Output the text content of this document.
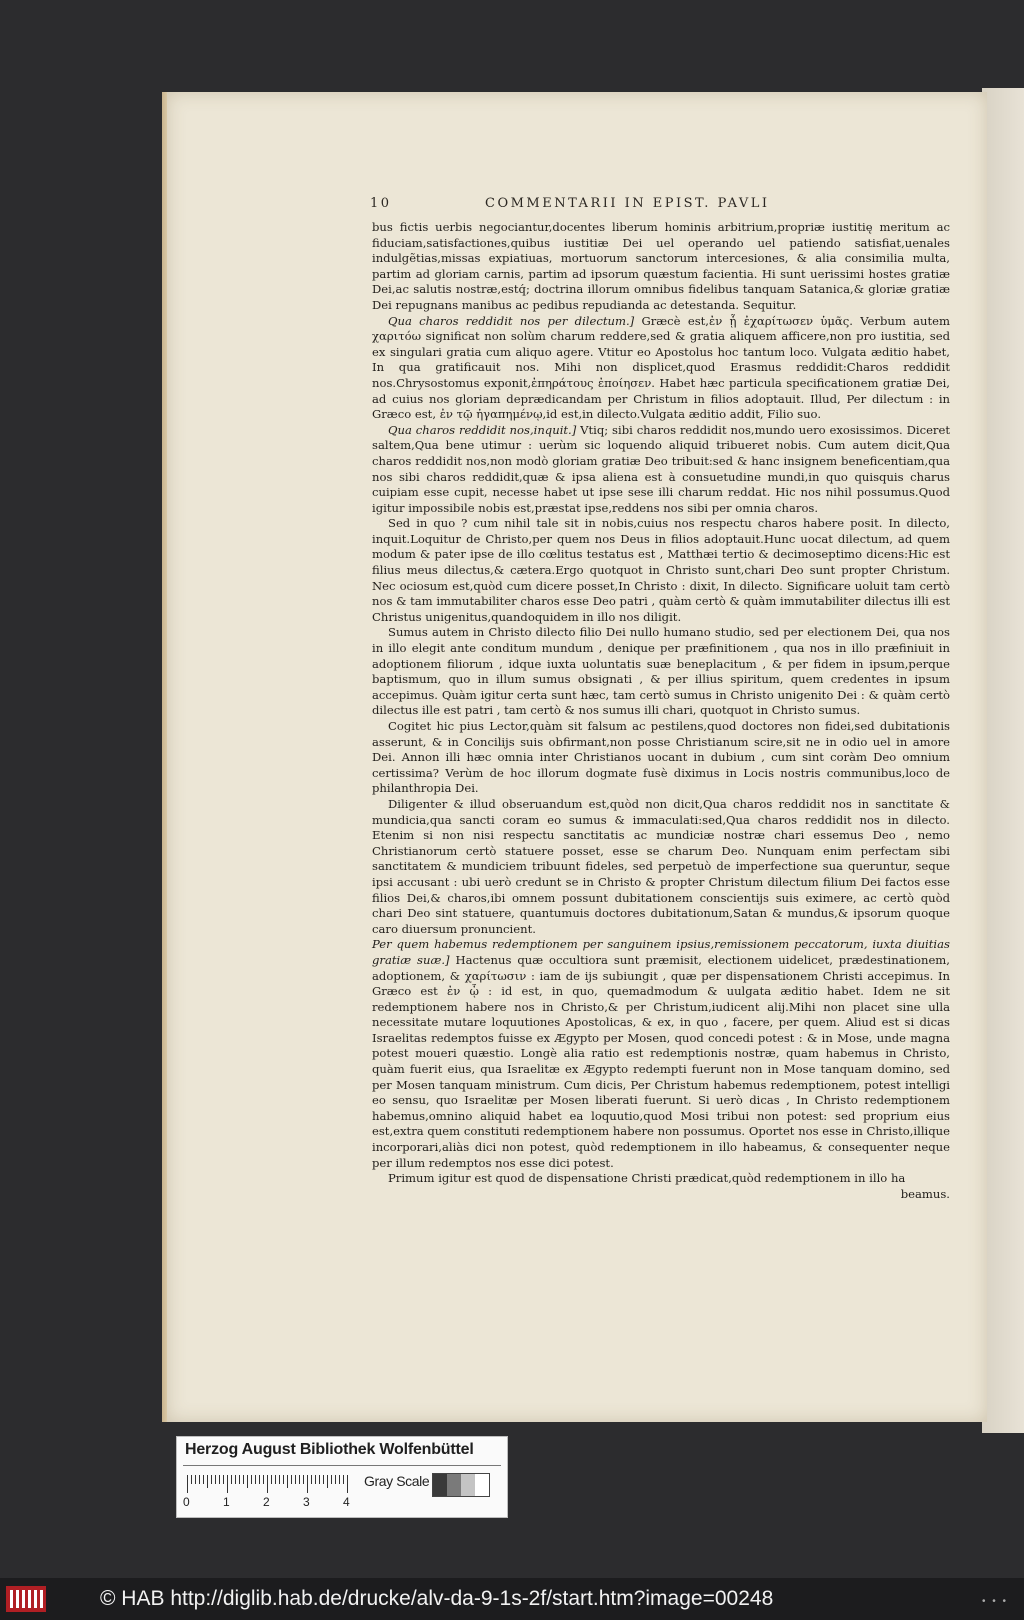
10	COMMENTARII IN EPIST. PAVLI

bus fictis uerbis negociantur,docentes liberum hominis arbitrium,propriæ iustitię meritum ac fiduciam,satisfactiones,quibus iustitiæ Dei uel operando uel patiendo satisfiat,uenales indulgẽtias,missas expiatiuas, mortuorum sanctorum intercesiones, & alia consimilia multa, partim ad gloriam carnis, partim ad ipsorum quæstum facientia. Hi sunt uerissimi hostes gratiæ Dei,ac salutis nostræ,estq́; doctrina illorum omnibus fidelibus tanquam Satanica,& gloriæ gratiæ Dei repugnans manibus ac pedibus repudianda ac detestanda. Sequitur.

Qua charos reddidit nos per dilectum.] Græcè est,ἐν ᾗ ἐχαρίτωσεν ὑμᾶς. Verbum autem χαριτόω significat non solùm charum reddere,sed & gratia aliquem afficere,non pro iustitia, sed ex singulari gratia cum aliquo agere. Vtitur eo Apostolus hoc tantum loco. Vulgata æditio habet, In qua gratificauit nos. Mihi non displicet,quod Erasmus reddidit:Charos reddidit nos.Chrysostomus exponit,ἐπηράτους ἐποίησεν. Habet hæc particula specificationem gratiæ Dei, ad cuius nos gloriam deprædicandam per Christum in filios adoptauit. Illud, Per dilectum : in Græco est, ἐν τῷ ἠγαπημένῳ,id est,in dilecto.Vulgata æditio addit, Filio suo.

Qua charos reddidit nos,inquit.] Vtiq; sibi charos reddidit nos,mundo uero exosissimos. Diceret saltem,Qua bene utimur : uerùm sic loquendo aliquid tribueret nobis. Cum autem dicit,Qua charos reddidit nos,non modò gloriam gratiæ Deo tribuit:sed & hanc insignem beneficentiam,qua nos sibi charos reddidit,quæ & ipsa aliena est à consuetudine mundi,in quo quisquis charus cuipiam esse cupit, necesse habet ut ipse sese illi charum reddat. Hic nos nihil possumus.Quod igitur impossibile nobis est,præstat ipse,reddens nos sibi per omnia charos.

Sed in quo ? cum nihil tale sit in nobis,cuius nos respectu charos habere posit. In dilecto, inquit.Loquitur de Christo,per quem nos Deus in filios adoptauit.Hunc uocat dilectum, ad quem modum & pater ipse de illo cœlitus testatus est , Matthæi tertio & decimoseptimo dicens:Hic est filius meus dilectus,& cætera.Ergo quotquot in Christo sunt,chari Deo sunt propter Christum. Nec ociosum est,quòd cum dicere posset,In Christo : dixit, In dilecto. Significare uoluit tam certò nos & tam immutabiliter charos esse Deo patri , quàm certò & quàm immutabiliter dilectus illi est Christus unigenitus,quandoquidem in illo nos diligit.

Sumus autem in Christo dilecto filio Dei nullo humano studio, sed per electionem Dei, qua nos in illo elegit ante conditum mundum , denique per præfinitionem , qua nos in illo præfiniuit in adoptionem filiorum , idque iuxta uoluntatis suæ beneplacitum , & per fidem in ipsum,perque baptismum, quo in illum sumus obsignati , & per illius spiritum, quem credentes in ipsum accepimus. Quàm igitur certa sunt hæc, tam certò sumus in Christo unigenito Dei : & quàm certò dilectus ille est patri , tam certò & nos sumus illi chari, quotquot in Christo sumus.

Cogitet hic pius Lector,quàm sit falsum ac pestilens,quod doctores non fidei,sed dubitationis asserunt, & in Concilijs suis obfirmant,non posse Christianum scire,sit ne in odio uel in amore Dei. Annon illi hæc omnia inter Christianos uocant in dubium , cum sint coràm Deo omnium certissima? Verùm de hoc illorum dogmate fusè diximus in Locis nostris communibus,loco de philanthropia Dei.

Diligenter & illud obseruandum est,quòd non dicit,Qua charos reddidit nos in sanctitate & mundicia,qua sancti coram eo sumus & immaculati:sed,Qua charos reddidit nos in dilecto. Etenim si non nisi respectu sanctitatis ac mundiciæ nostræ chari essemus Deo , nemo Christianorum certò statuere posset, esse se charum Deo. Nunquam enim perfectam sibi sanctitatem & mundiciem tribuunt fideles, sed perpetuò de imperfectione sua queruntur, seque ipsi accusant : ubi uerò credunt se in Christo & propter Christum dilectum filium Dei factos esse filios Dei,& charos,ibi omnem possunt dubitationem conscientijs suis eximere, ac certò quòd chari Deo sint statuere, quantumuis doctores dubitationum,Satan & mundus,& ipsorum quoque caro diuersum pronuncient.

Per quem habemus redemptionem per sanguinem ipsius,remissionem peccatorum, iuxta diuitias gratiæ suæ.] Hactenus quæ occultiora sunt præmisit, electionem uidelicet, prædestinationem, adoptionem, & χαρίτωσιν : iam de ijs subiungit , quæ per dispensationem Christi accepimus. In Græco est ἐν ᾧ : id est, in quo, quemadmodum & uulgata æditio habet. Idem ne sit redemptionem habere nos in Christo,& per Christum,iudicent alij.Mihi non placet sine ulla necessitate mutare loquutiones Apostolicas, & ex, in quo , facere, per quem. Aliud est si dicas Israelitas redemptos fuisse ex Ægypto per Mosen, quod concedi potest : & in Mose, unde magna potest moueri quæstio. Longè alia ratio est redemptionis nostræ, quam habemus in Christo, quàm fuerit eius, qua Israelitæ ex Ægypto redempti fuerunt non in Mose tanquam domino, sed per Mosen tanquam ministrum. Cum dicis, Per Christum habemus redemptionem, potest intelligi eo sensu, quo Israelitæ per Mosen liberati fuerunt. Si uerò dicas , In Christo redemptionem habemus,omnino aliquid habet ea loquutio,quod Mosi tribui non potest: sed proprium eius est,extra quem constituti redemptionem habere non possumus. Oportet nos esse in Christo,illique incorporari,aliàs dici non potest, quòd redemptionem in illo habeamus, & consequenter neque per illum redemptos nos esse dici potest.

Primum igitur est quod de dispensatione Christi prædicat,quòd redemptionem in illo ha

beamus.
Herzog August Bibliothek Wolfenbüttel
0	1	2	3	4
Gray Scale
© HAB http://diglib.hab.de/drucke/alv-da-9-1s-2f/start.htm?image=00248	• • •
